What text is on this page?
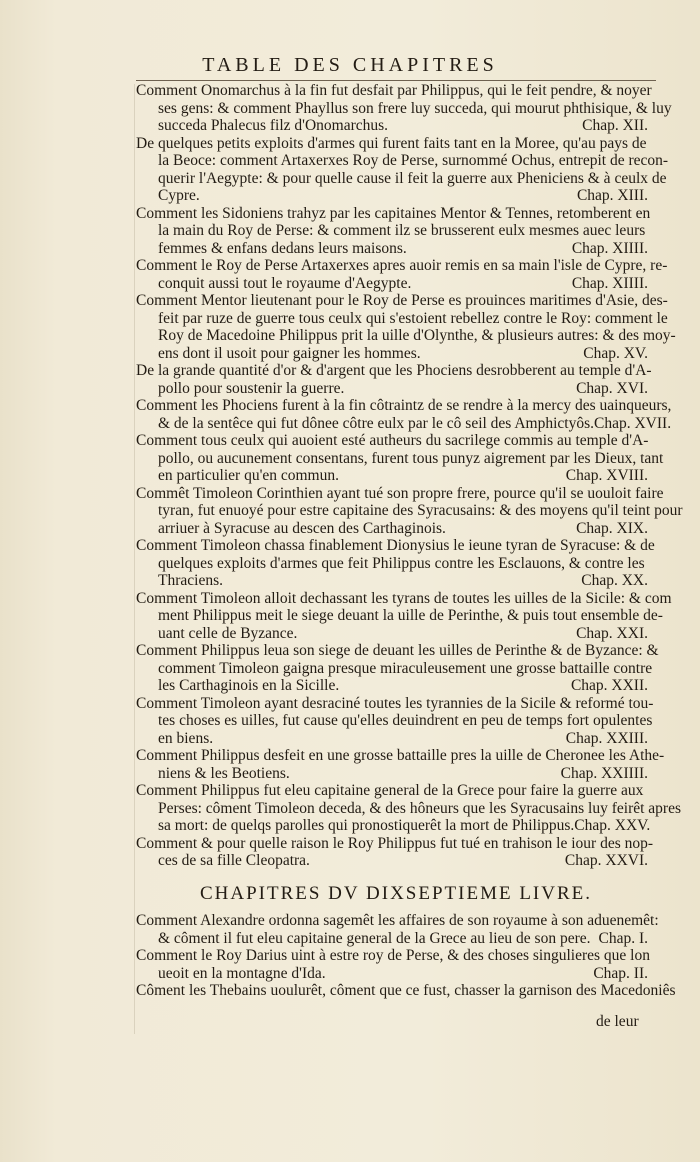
TABLE DES CHAPITRES
Comment Onomarchus à la fin fut desfait par Philippus, qui le feit pendre, & noyer
ses gens: & comment Phayllus son frere luy succeda, qui mourut phthisique, & luy
succeda Phalecus filz d'Onomarchus.	Chap. XII.
De quelques petits exploits d'armes qui furent faits tant en la Moree, qu'au pays de
la Beoce: comment Artaxerxes Roy de Perse, surnommé Ochus, entrepit de recon-
querir l'Aegypte: & pour quelle cause il feit la guerre aux Pheniciens & à ceulx de
Cypre.	Chap. XIII.
Comment les Sidoniens trahyz par les capitaines Mentor & Tennes, retomberent en
la main du Roy de Perse: & comment ilz se brusserent eulx mesmes auec leurs
femmes & enfans dedans leurs maisons.	Chap. XIIII.
Comment le Roy de Perse Artaxerxes apres auoir remis en sa main l'isle de Cypre, re-
conquit aussi tout le royaume d'Aegypte.	Chap. XIIII.
Comment Mentor lieutenant pour le Roy de Perse es prouinces maritimes d'Asie, des-
feit par ruze de guerre tous ceulx qui s'estoient rebellez contre le Roy: comment le
Roy de Macedoine Philippus prit la uille d'Olynthe, & plusieurs autres: & des moy-
ens dont il usoit pour gaigner les hommes.	Chap. XV.
De la grande quantité d'or & d'argent que les Phociens desrobberent au temple d'A-
pollo pour soustenir la guerre.	Chap. XVI.
Comment les Phociens furent à la fin côtraintz de se rendre à la mercy des uainqueurs,
& de la sentêce qui fut dônee côtre eulx par le cô seil des Amphictyôs. Chap. XVII.
Comment tous ceulx qui auoient esté autheurs du sacrilege commis au temple d'A-
pollo, ou aucunement consentans, furent tous punyz aigrement par les Dieux, tant
en particulier qu'en commun.	Chap. XVIII.
Commêt Timoleon Corinthien ayant tué son propre frere, pource qu'il se uouloit faire
tyran, fut enuoyé pour estre capitaine des Syracusains: & des moyens qu'il teint pour
arriuer à Syracuse au descen des Carthaginois.	Chap. XIX.
Comment Timoleon chassa finablement Dionysius le ieune tyran de Syracuse: & de
quelques exploits d'armes que feit Philippus contre les Esclauons, & contre les
Thraciens.	Chap. XX.
Comment Timoleon alloit dechassant les tyrans de toutes les uilles de la Sicile: & com
ment Philippus meit le siege deuant la uille de Perinthe, & puis tout ensemble de-
uant celle de Byzance.	Chap. XXI.
Comment Philippus leua son siege de deuant les uilles de Perinthe & de Byzance: &
comment Timoleon gaigna presque miraculeusement une grosse battaille contre
les Carthaginois en la Sicille.	Chap. XXII.
Comment Timoleon ayant desraciné toutes les tyrannies de la Sicile & reformé tou-
tes choses es uilles, fut cause qu'elles deuindrent en peu de temps fort opulentes
en biens.	Chap. XXIII.
Comment Philippus desfeit en une grosse battaille pres la uille de Cheronee les Athe-
niens & les Beotiens.	Chap. XXIIII.
Comment Philippus fut eleu capitaine general de la Grece pour faire la guerre aux
Perses: côment Timoleon deceda, & des hôneurs que les Syracusains luy feirêt apres
sa mort: de quelqs parolles qui pronostiquerêt la mort de Philippus. Chap. XXV.
Comment & pour quelle raison le Roy Philippus fut tué en trahison le iour des nop-
ces de sa fille Cleopatra.	Chap. XXVI.
CHAPITRES DV DIXSEPTIEME LIVRE.
Comment Alexandre ordonna sagemêt les affaires de son royaume à son aduenemêt:
& côment il fut eleu capitaine general de la Grece au lieu de son pere. Chap. I.
Comment le Roy Darius uint à estre roy de Perse, & des choses singulieres que lon
ueoit en la montagne d'Ida.	Chap. II.
Côment les Thebains uoulurêt, côment que ce fust, chasser la garnison des Macedoniês
de leur
